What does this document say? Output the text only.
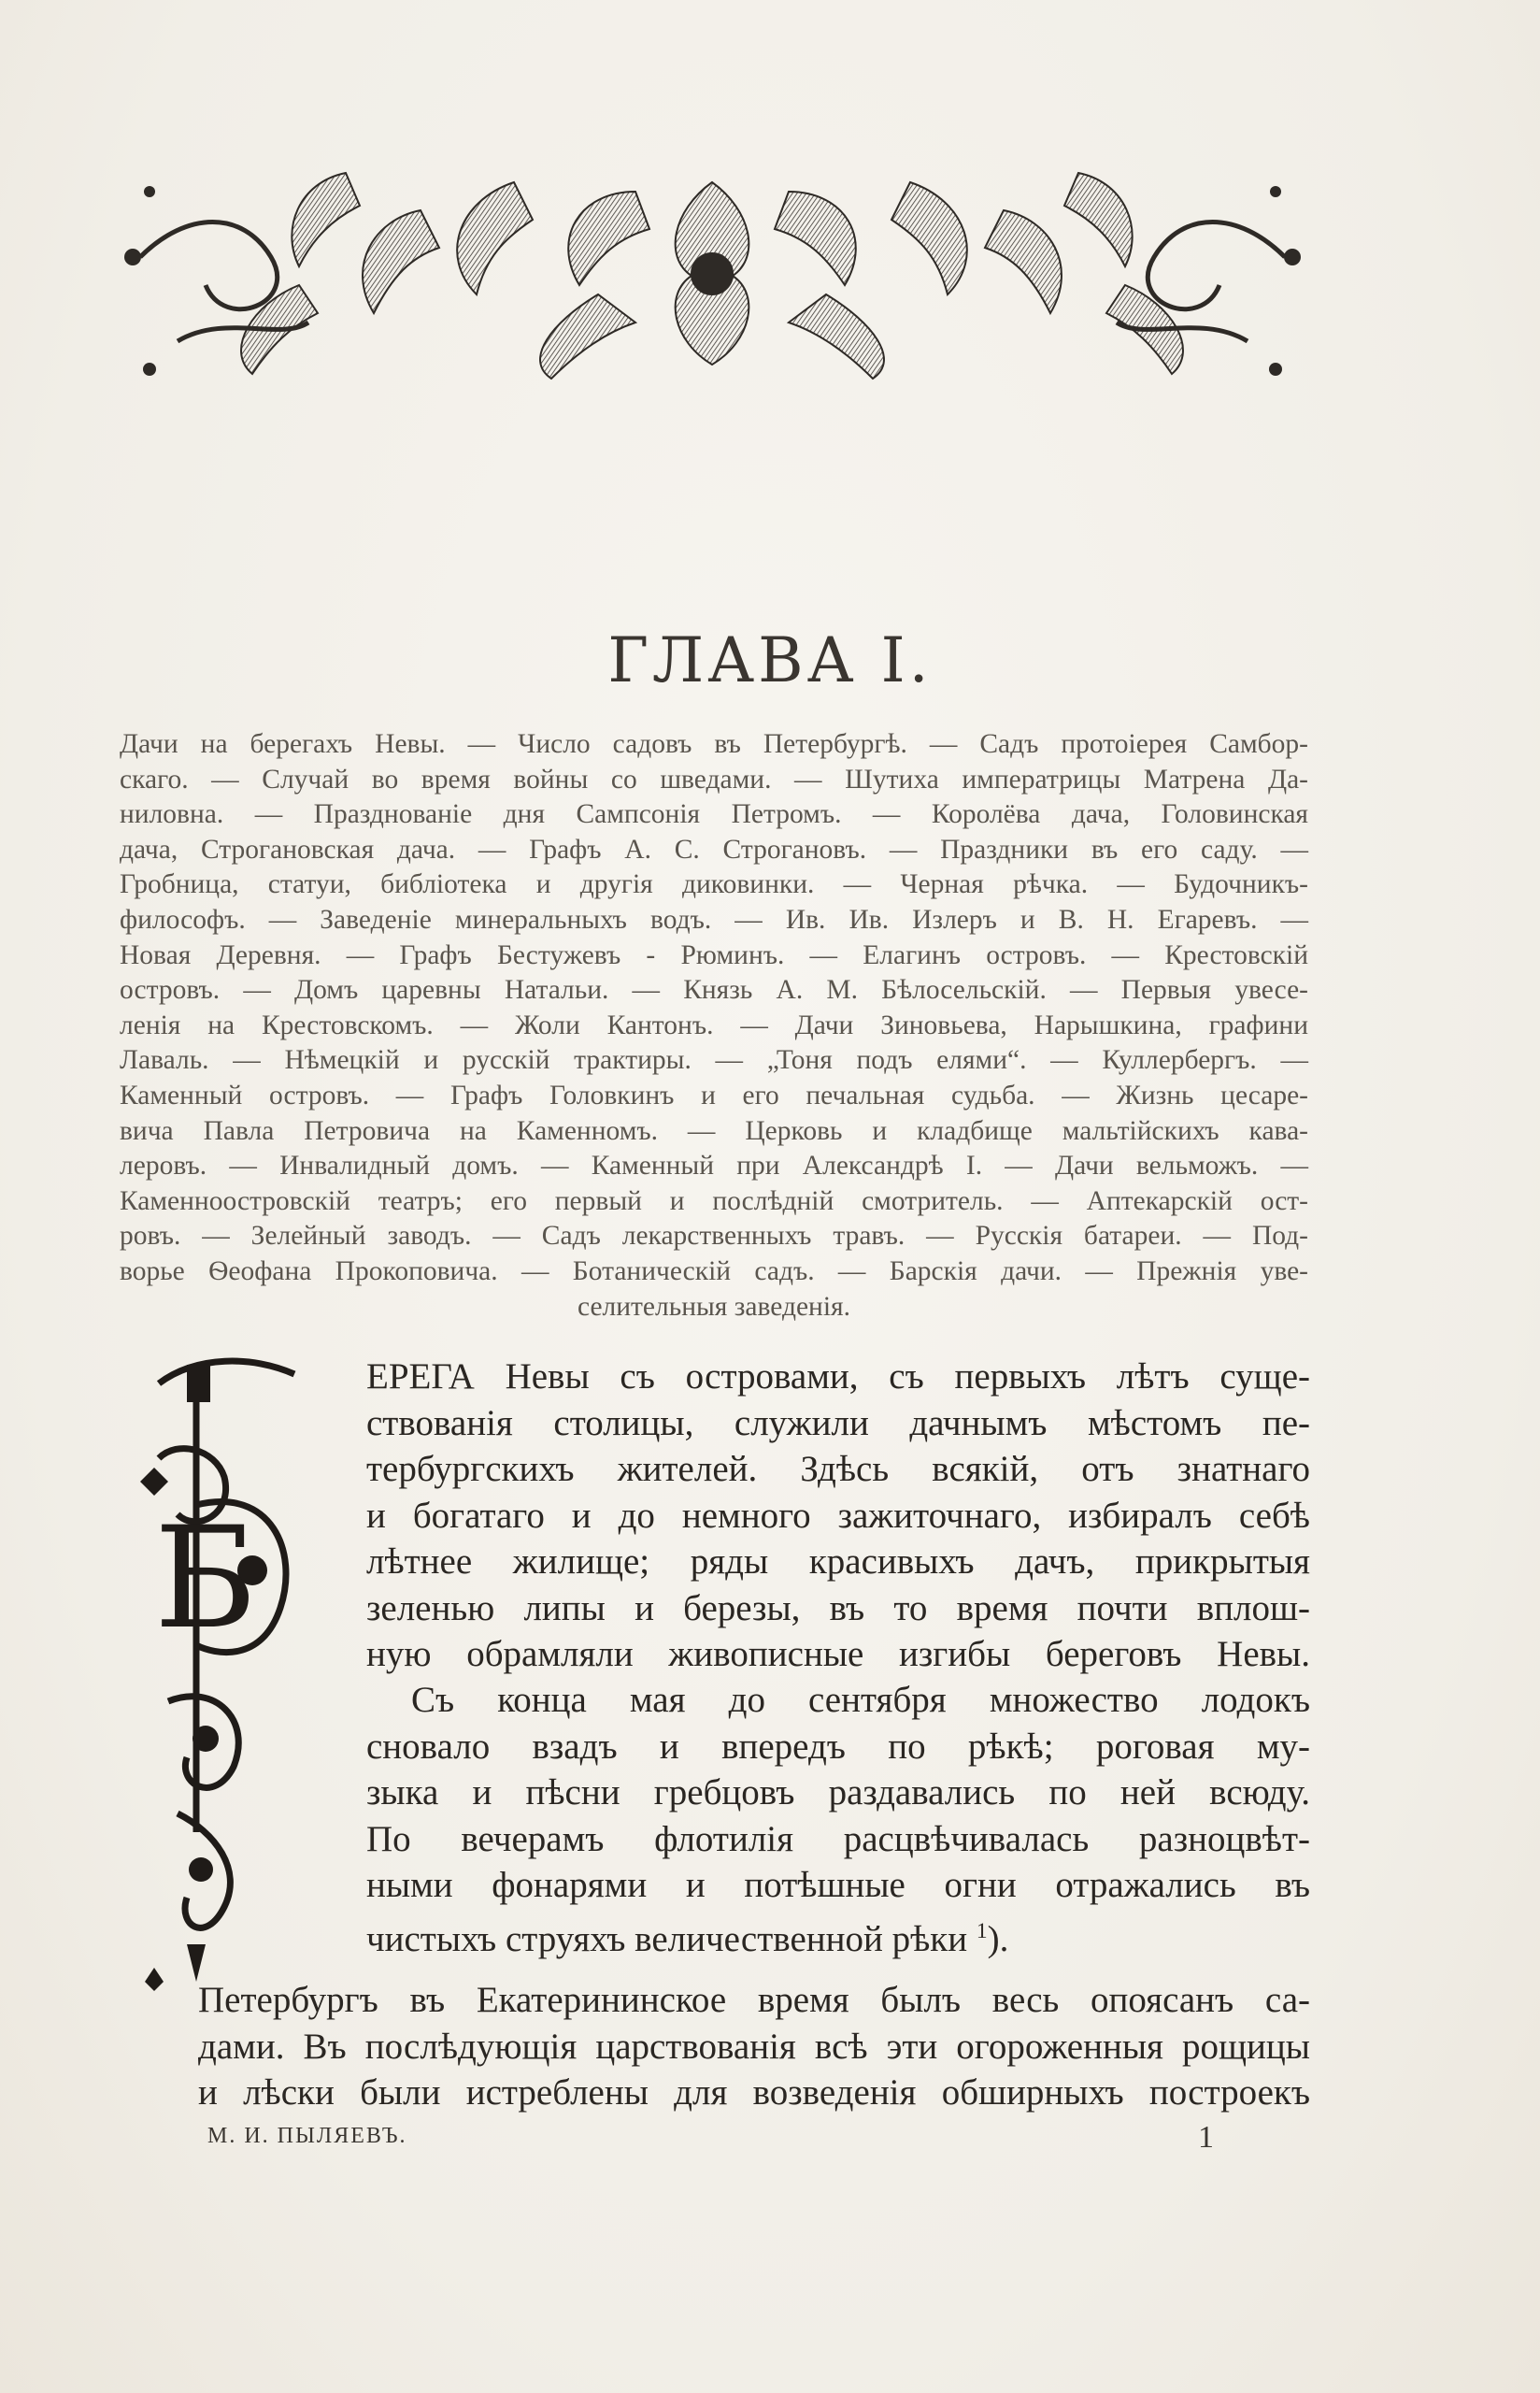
ГЛАВА I.
Дачи на берегахъ Невы. — Число садовъ въ Петербургѣ. — Садъ протоіерея Самбор-
скаго. — Случай во время войны со шведами. — Шутиха императрицы Матрена Да-
ниловна. — Празднованіе дня Сампсонія Петромъ. — Королёва дача, Головинская
дача, Строгановская дача. — Графъ А. С. Строгановъ. — Праздники въ его саду. —
Гробница, статуи, библіотека и другія диковинки. — Черная рѣчка. — Будочникъ-
философъ. — Заведеніе минеральныхъ водъ. — Ив. Ив. Излеръ и В. Н. Егаревъ. —
Новая Деревня. — Графъ Бестужевъ - Рюминъ. — Елагинъ островъ. — Крестовскій
островъ. — Домъ царевны Натальи. — Князь А. М. Бѣлосельскій. — Первыя увесе-
ленія на Крестовскомъ. — Жоли Кантонъ. — Дачи Зиновьева, Нарышкина, графини
Лаваль. — Нѣмецкій и русскій трактиры. — „Тоня подъ елями“. — Куллербергъ. —
Каменный островъ. — Графъ Головкинъ и его печальная судьба. — Жизнь цесаре-
вича Павла Петровича на Каменномъ. — Церковь и кладбище мальтійскихъ кава-
леровъ. — Инвалидный домъ. — Каменный при Александрѣ I. — Дачи вельможъ. —
Каменноостровскій театръ; его первый и послѣдній смотритель. — Аптекарскій ост-
ровъ. — Зелейный заводъ. — Садъ лекарственныхъ травъ. — Русскія батареи. — Под-
ворье Ѳеофана Прокоповича. — Ботаническій садъ. — Барскія дачи. — Прежнія уве-
селительныя заведенія.
Б
ЕРЕГА Невы съ островами, съ первыхъ лѣтъ суще-
ствованія столицы, служили дачнымъ мѣстомъ пе-
тербургскихъ жителей. Здѣсь всякій, отъ знатнаго
и богатаго и до немного зажиточнаго, избиралъ себѣ
лѣтнее жилище; ряды красивыхъ дачъ, прикрытыя
зеленью липы и березы, въ то время почти вплош-
ную обрамляли живописные изгибы береговъ Невы.
Съ конца мая до сентября множество лодокъ
сновало взадъ и впередъ по рѣкѣ; роговая му-
зыка и пѣсни гребцовъ раздавались по ней всюду.
По вечерамъ флотилія расцвѣчивалась разноцвѣт-
ными фонарями и потѣшные огни отражались въ
чистыхъ струяхъ величественной рѣки $^1$).
Петербургъ въ Екатерининское время былъ весь опоясанъ са-
дами. Въ послѣдующія царствованія всѣ эти огороженныя рощицы
и лѣски были истреблены для возведенія обширныхъ построекъ
М. И. ПЫЛЯЕВЪ.	1
